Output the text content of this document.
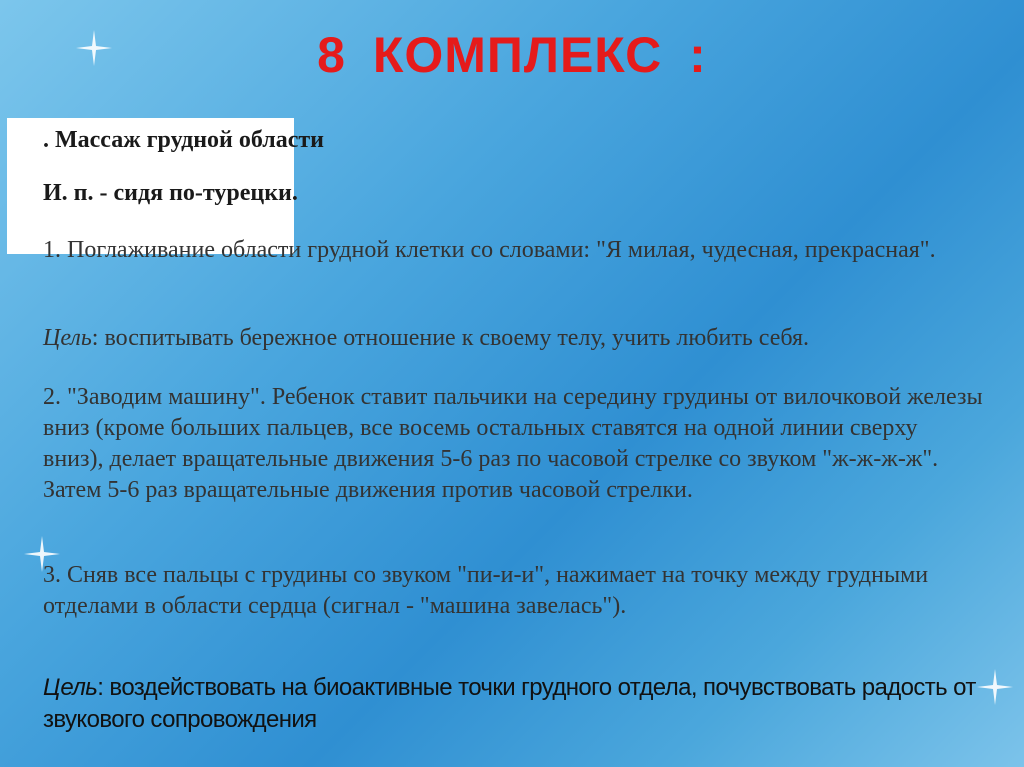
8 КОМПЛЕКС :

. Массаж грудной области

И. п. - сидя по-турецки.

1. Поглаживание области грудной клетки со словами: "Я милая, чудесная, прекрасная".

Цель: воспитывать бережное отношение к своему телу, учить любить себя.

2. "Заводим машину". Ребенок ставит пальчики на середину грудины от вилочковой железы вниз (кроме больших пальцев, все восемь остальных ставятся на одной линии сверху вниз), делает вращательные движения 5-6 раз по часовой стрелке со звуком "ж-ж-ж-ж". Затем 5-6 раз вращательные движения против часовой стрелки.

3. Сняв все пальцы с грудины со звуком "пи-и-и", нажимает на точку между грудными отделами в области сердца (сигнал - "машина завелась").

Цель: воздействовать на биоактивные точки грудного отдела, почувствовать радость от звукового сопровождения
